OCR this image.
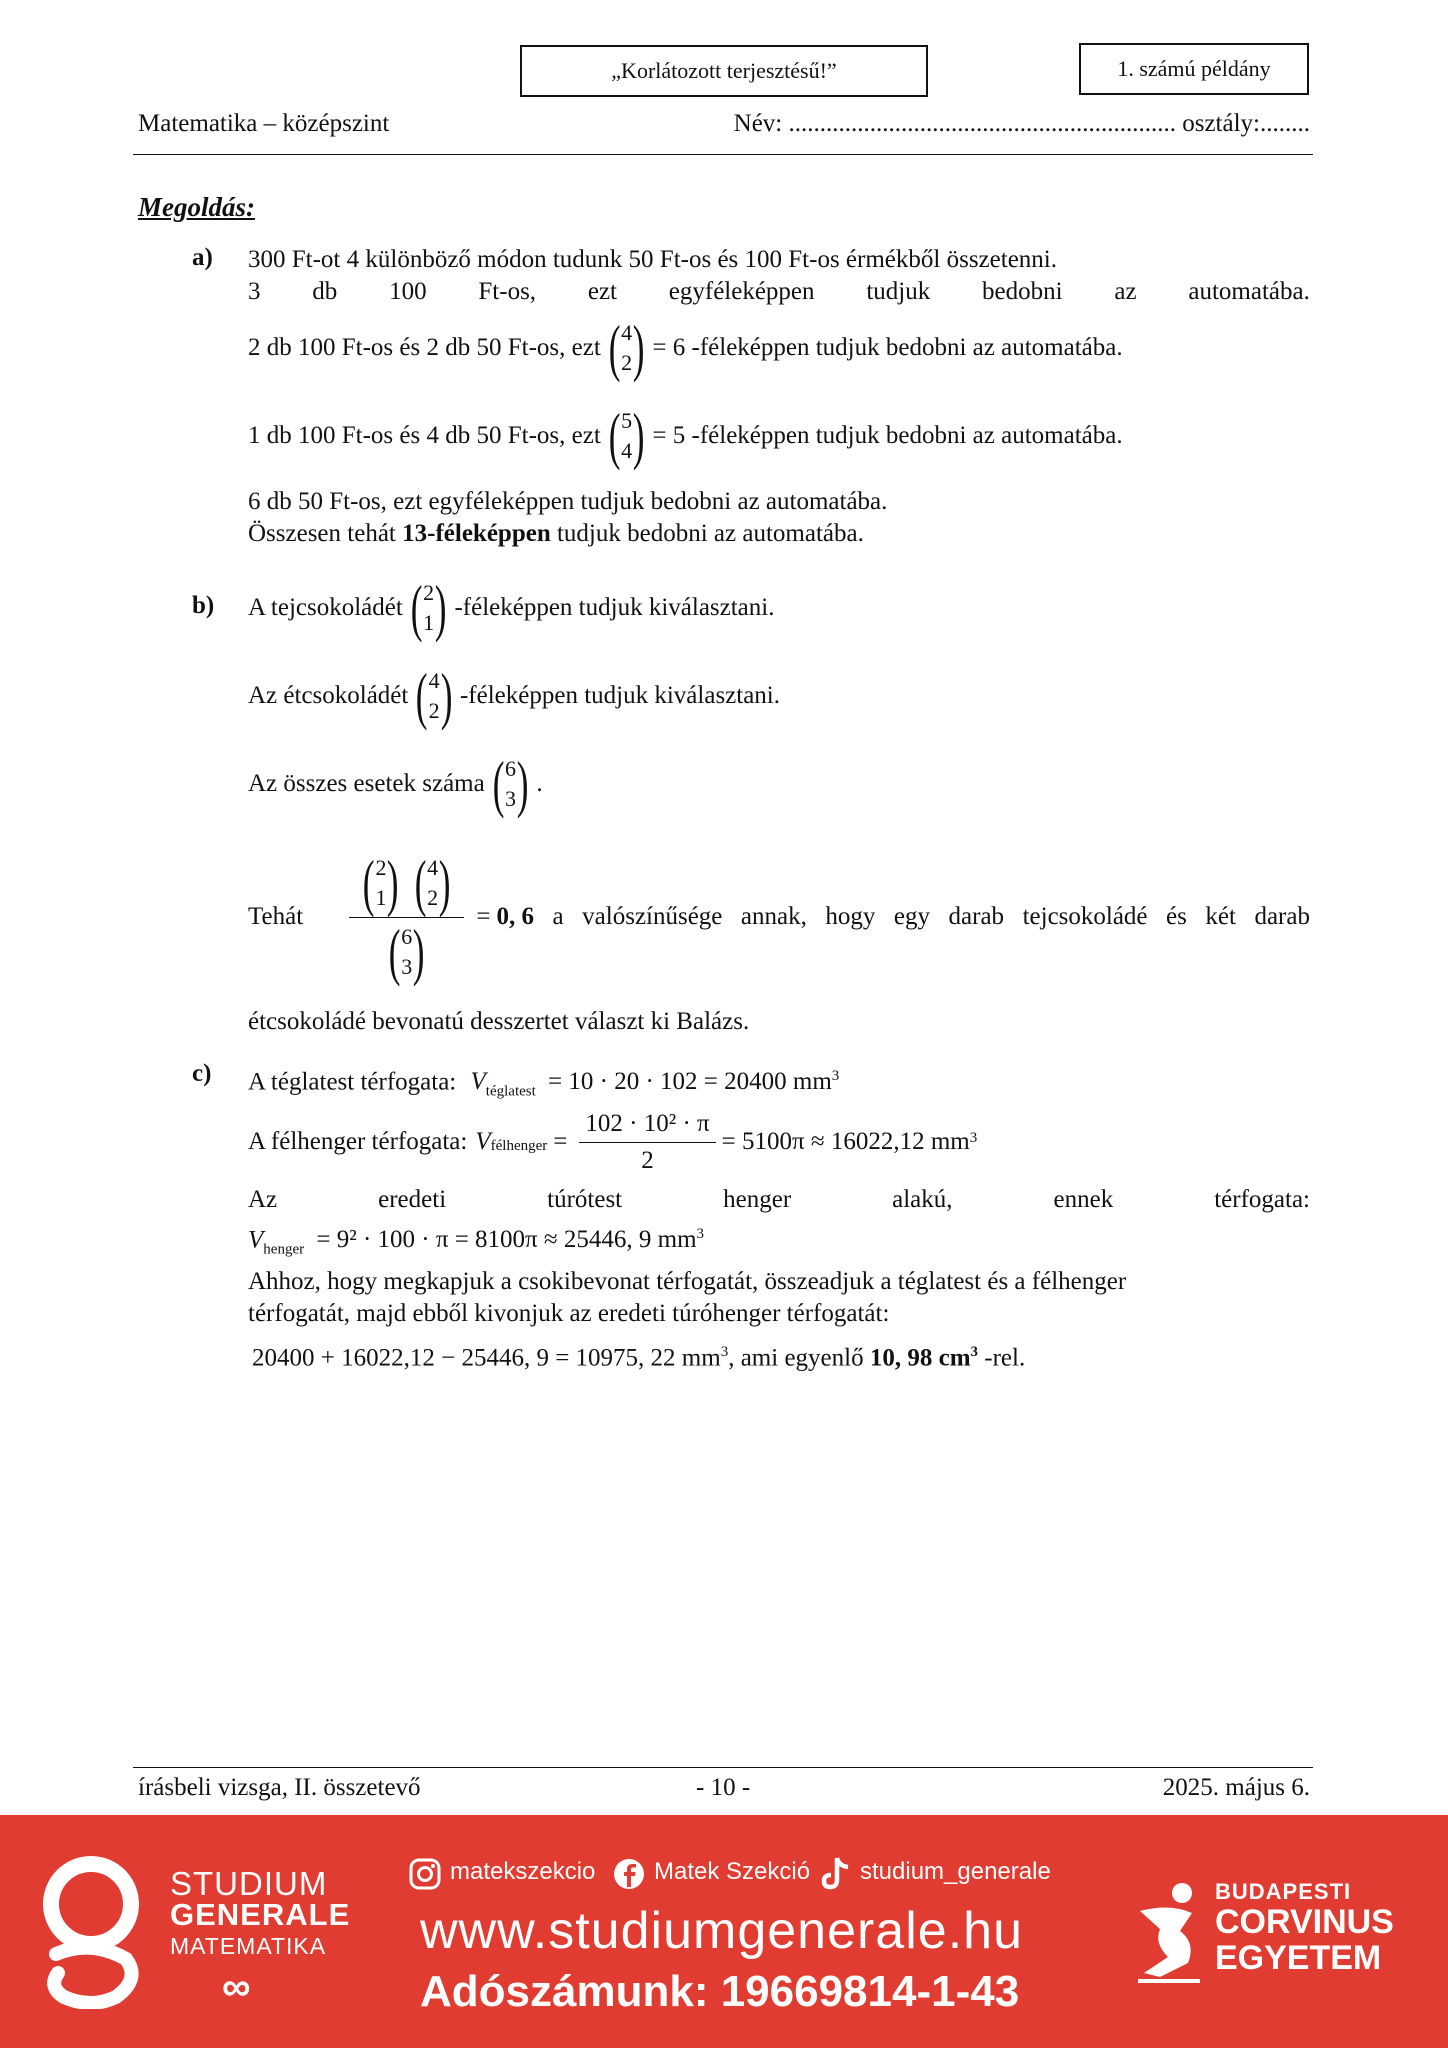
„Korlátozott terjesztésű!”	1. számú példány
Matematika – középszint	Név: .............................................................. osztály:........
Megoldás:
a) 300 Ft-ot 4 különböző módon tudunk 50 Ft-os és 100 Ft-os érmékből összetenni.
3 db 100 Ft-os, ezt egyféleképpen tudjuk bedobni az automatába.
2 db 100 Ft-os és 2 db 50 Ft-os, ezt ( 4
2 ) = 6 -féleképpen tudjuk bedobni az automatába.
1 db 100 Ft-os és 4 db 50 Ft-os, ezt ( 5
4 ) = 5 -féleképpen tudjuk bedobni az automatába.
6 db 50 Ft-os, ezt egyféleképpen tudjuk bedobni az automatába.
Összesen tehát 13-féleképpen tudjuk bedobni az automatába.
b) A tejcsokoládét ( 2
1 ) -féleképpen tudjuk kiválasztani.
Az étcsokoládét ( 4
2 ) -féleképpen tudjuk kiválasztani.
Az összes esetek száma ( 6
3 ) .
Tehát ( 2
1 ) ( 4
2 )
( 6
3 ) = 0, 6 a valószínűsége annak, hogy egy darab tejcsokoládé és két darab
étcsokoládé bevonatú desszertet választ ki Balázs.
c) A téglatest térfogata: $V_{téglatest} = 10 \cdot 20 \cdot 102 = 20400$ $mm^3$
A félhenger térfogata: V félhenger = $\frac{\text{102 · 10² · π}}{2} = 5100\pi \approx 16022,12$ mm 3
Az	eredeti	túrótest	henger	alakú,	ennek	térfogata:
$V_{henger} = 9^2 \cdot 100 \cdot \pi = 8100\pi \approx 25446$, 9 $mm^3$
Ahhoz, hogy megkapjuk a csokibevonat térfogatát, összeadjuk a téglatest és a félhenger
térfogatát, majd ebből kivonjuk az eredeti túróhenger térfogatát:
20400 + 16022,12 − 25446, 9 = 10975, 22 $mm^3$, ami egyenlő 10, 98 $cm^3$ -rel.
írásbeli vizsga, II. összetevő	- 10 -	2025. május 6.
STUDIUM
GENERALE
MATEMATIKA
∞
matekszekcio Matek Szekció studium_generale
www.studiumgenerale.hu
Adószámunk: 19669814-1-43
BUDAPESTI
CORVINUS
EGYETEM
